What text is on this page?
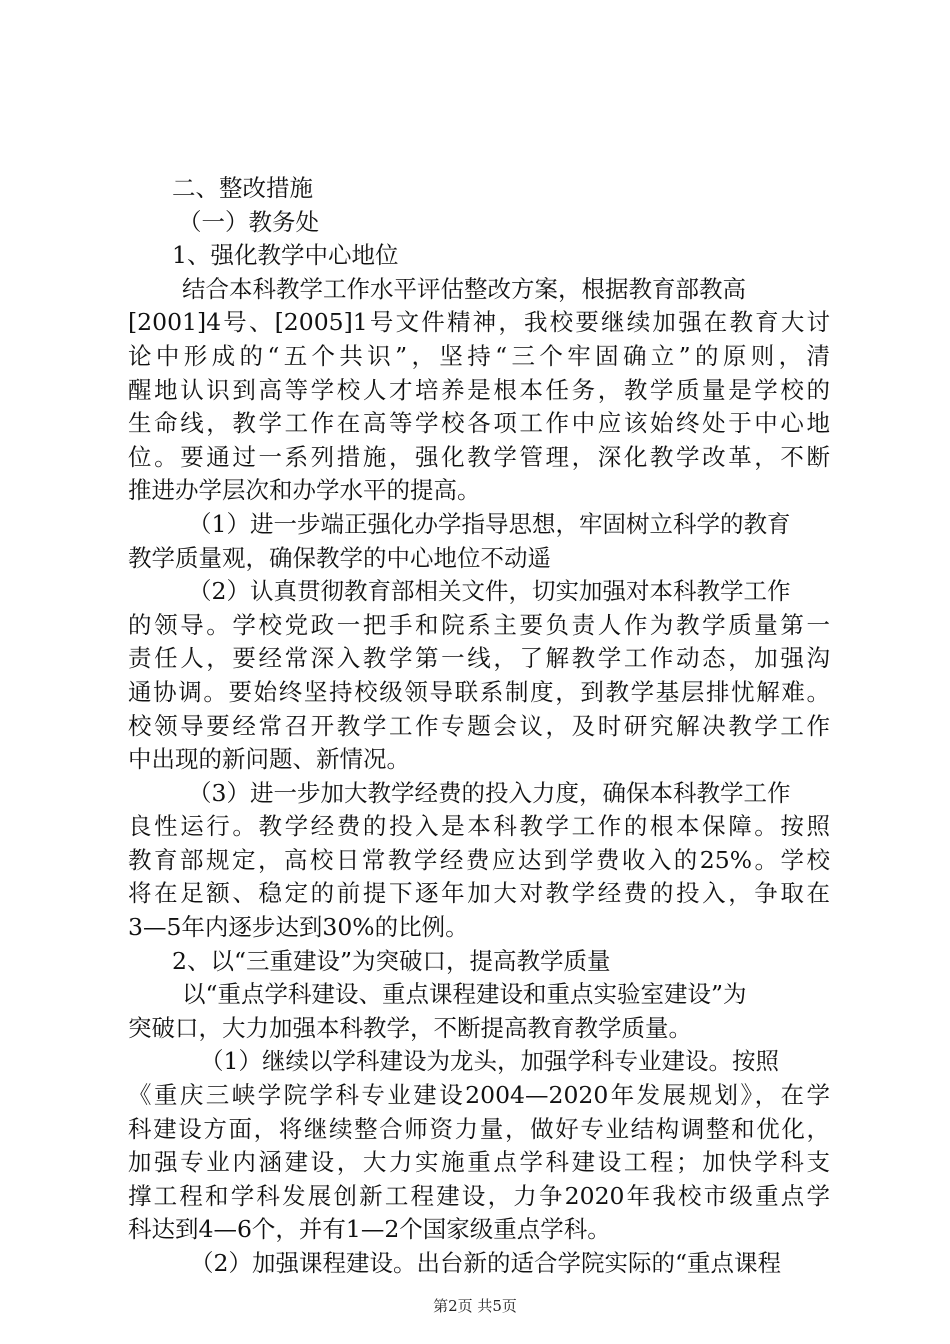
二、整改措施
（一）教务处
1、强化教学中心地位
结合本科教学工作水平评估整改方案，根据教育部教高
[2001]4号、[2005]1号文件精神，我校要继续加强在教育大讨
论中形成的“五个共识”，坚持“三个牢固确立”的原则，清
醒地认识到高等学校人才培养是根本任务，教学质量是学校的
生命线，教学工作在高等学校各项工作中应该始终处于中心地
位。要通过一系列措施，强化教学管理，深化教学改革，不断
推进办学层次和办学水平的提高。
（1）进一步端正强化办学指导思想，牢固树立科学的教育
教学质量观，确保教学的中心地位不动遥
（2）认真贯彻教育部相关文件，切实加强对本科教学工作
的领导。学校党政一把手和院系主要负责人作为教学质量第一
责任人，要经常深入教学第一线，了解教学工作动态，加强沟
通协调。要始终坚持校级领导联系制度，到教学基层排忧解难。
校领导要经常召开教学工作专题会议，及时研究解决教学工作
中出现的新问题、新情况。
（3）进一步加大教学经费的投入力度，确保本科教学工作
良性运行。教学经费的投入是本科教学工作的根本保障。按照
教育部规定，高校日常教学经费应达到学费收入的25%。学校
将在足额、稳定的前提下逐年加大对教学经费的投入，争取在
3—5年内逐步达到30%的比例。
2、以“三重建设”为突破口，提高教学质量
以“重点学科建设、重点课程建设和重点实验室建设”为
突破口，大力加强本科教学，不断提高教育教学质量。
（1）继续以学科建设为龙头，加强学科专业建设。按照
《重庆三峡学院学科专业建设2004—2020年发展规划》，在学
科建设方面，将继续整合师资力量，做好专业结构调整和优化，
加强专业内涵建设，大力实施重点学科建设工程；加快学科支
撑工程和学科发展创新工程建设，力争2020年我校市级重点学
科达到4—6个，并有1—2个国家级重点学科。
（2）加强课程建设。出台新的适合学院实际的“重点课程
第2页 共5页
